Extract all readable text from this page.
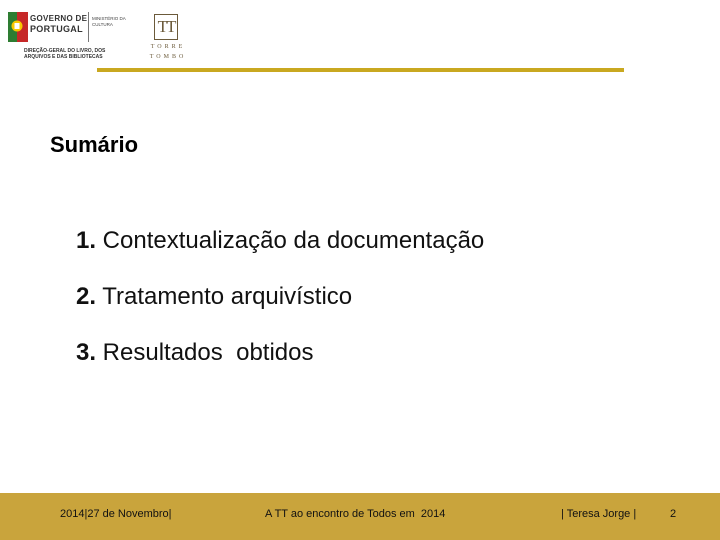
GOVERNO DE
PORTUGAL
MINISTÉRIO DA CULTURA
DIREÇÃO-GERAL DO LIVRO, DOS ARQUIVOS E DAS BIBLIOTECAS
TT
TORRE
TOMBO
Sumário
1. Contextualização da documentação
2. Tratamento arquivístico
3. Resultados  obtidos
2014|27 de Novembro|	A TT ao encontro de Todos em  2014	| Teresa Jorge |	2
